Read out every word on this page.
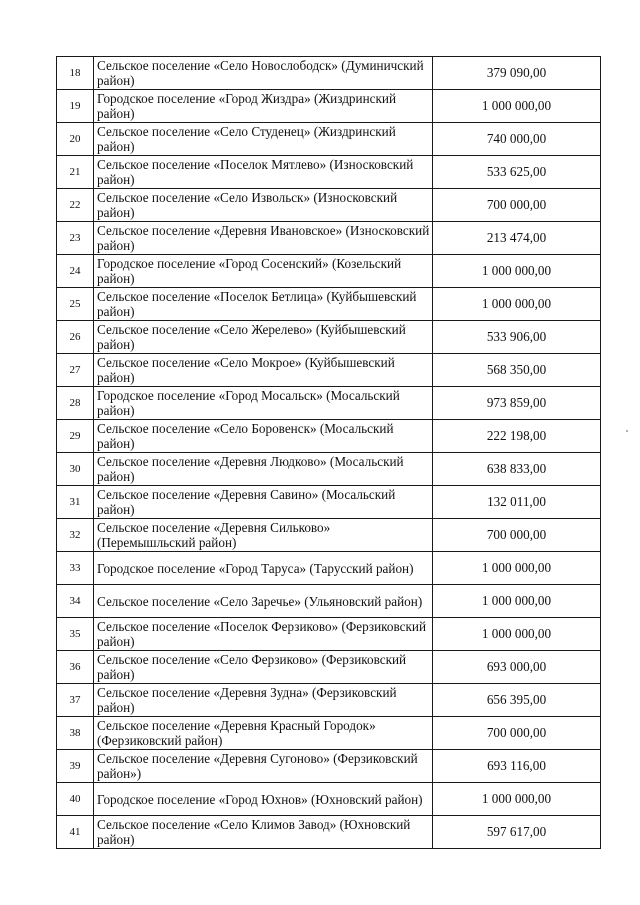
18	Сельское поселение «Село Новослободск» (Думиничский район)	379 090,00
19	Городское поселение «Город Жиздра» (Жиздринский район)	1 000 000,00
20	Сельское поселение «Село Студенец» (Жиздринский район)	740 000,00
21	Сельское поселение «Поселок Мятлево» (Износковский район)	533 625,00
22	Сельское поселение «Село Извольск» (Износковский район)	700 000,00
23	Сельское поселение «Деревня Ивановское» (Износковский район)	213 474,00
24	Городское поселение «Город Сосенский» (Козельский район)	1 000 000,00
25	Сельское поселение «Поселок Бетлица» (Куйбышевский район)	1 000 000,00
26	Сельское поселение «Село Жерелево» (Куйбышевский район)	533 906,00
27	Сельское поселение «Село Мокрое» (Куйбышевский район)	568 350,00
28	Городское поселение «Город Мосальск» (Мосальский район)	973 859,00
29	Сельское поселение «Село Боровенск» (Мосальский район)	222 198,00
30	Сельское поселение «Деревня Людково» (Мосальский район)	638 833,00
31	Сельское поселение «Деревня Савино» (Мосальский район)	132 011,00
32	Сельское поселение «Деревня Сильково» (Перемышльский район)	700 000,00
33	Городское поселение «Город Таруса» (Тарусский район)	1 000 000,00
34	Сельское поселение «Село Заречье» (Ульяновский район)	1 000 000,00
35	Сельское поселение «Поселок Ферзиково» (Ферзиковский район)	1 000 000,00
36	Сельское поселение «Село Ферзиково» (Ферзиковский район)	693 000,00
37	Сельское поселение «Деревня Зудна» (Ферзиковский район)	656 395,00
38	Сельское поселение «Деревня Красный Городок» (Ферзиковский район)	700 000,00
39	Сельское поселение «Деревня Сугоново» (Ферзиковский район»)	693 116,00
40	Городское поселение «Город Юхнов» (Юхновский район)	1 000 000,00
41	Сельское поселение «Село Климов Завод» (Юхновский район)	597 617,00
